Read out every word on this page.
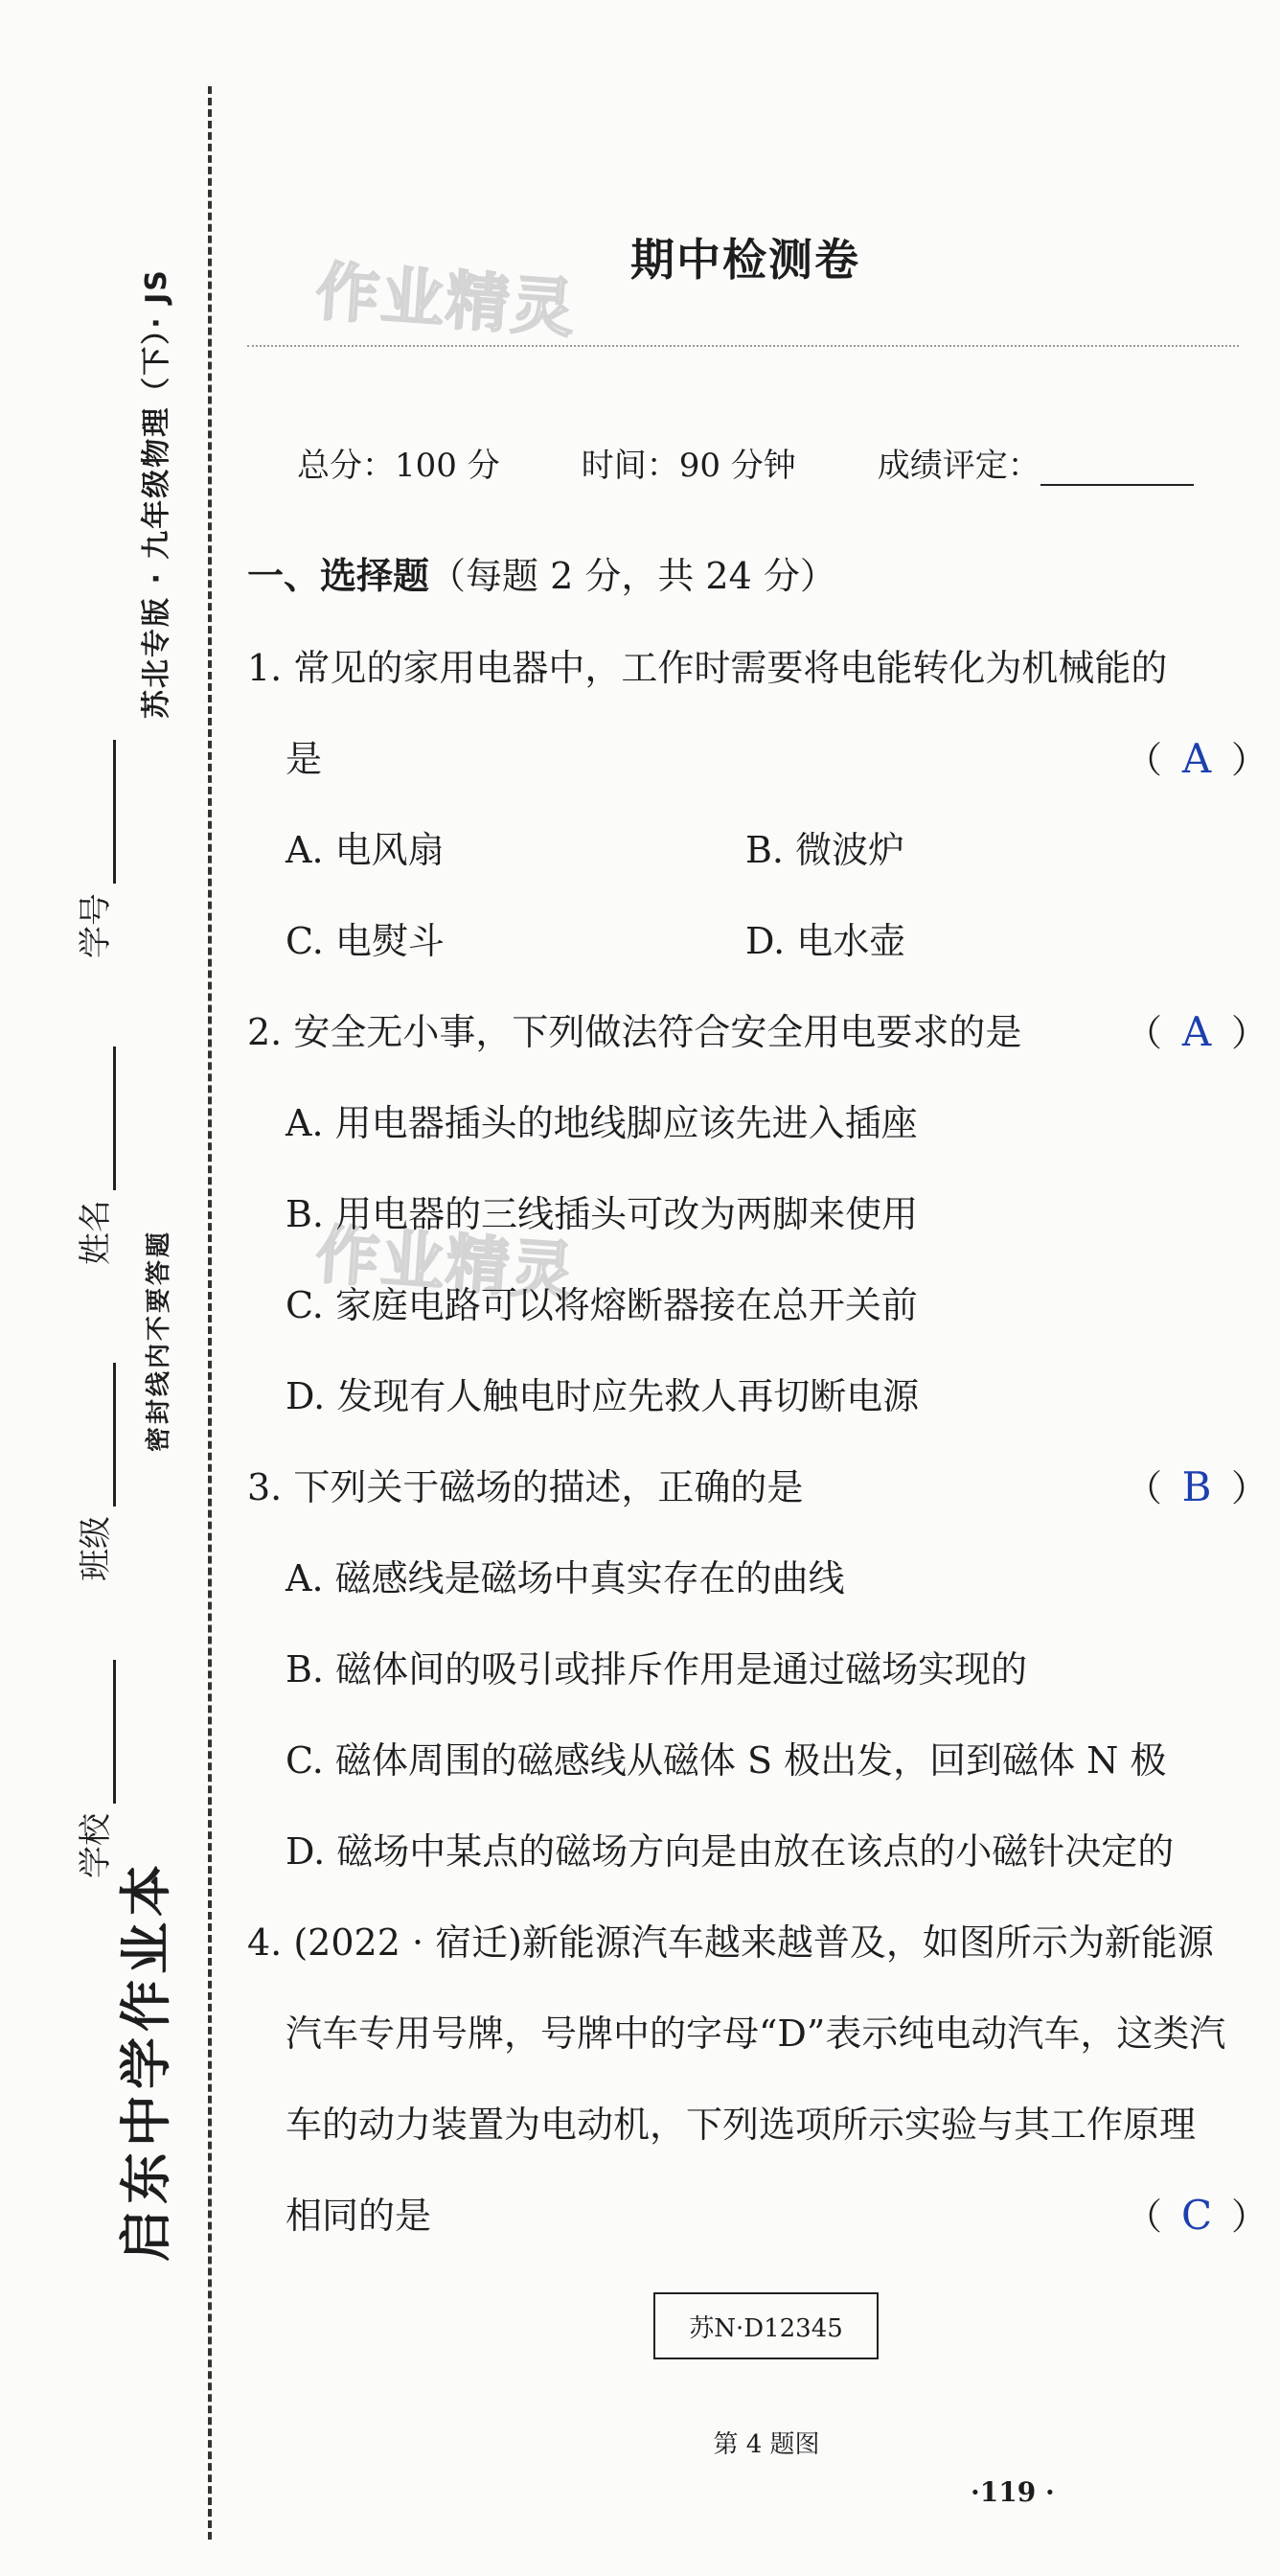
启东中学作业本
苏北专版 · 九年级物理（下）· JS
密封线内不要答题
学校
班级
姓名
学号
作业精灵
作业精灵
期中检测卷
总分：100 分	时间：90 分钟	成绩评定：
一、选择题（每题 2 分，共 24 分）
1. 常见的家用电器中，工作时需要将电能转化为机械能的
是	（ A ）
A. 电风扇	B. 微波炉
C. 电熨斗	D. 电水壶
2. 安全无小事，下列做法符合安全用电要求的是	（ A ）
A. 用电器插头的地线脚应该先进入插座
B. 用电器的三线插头可改为两脚来使用
C. 家庭电路可以将熔断器接在总开关前
D. 发现有人触电时应先救人再切断电源
3. 下列关于磁场的描述，正确的是	（ B ）
A. 磁感线是磁场中真实存在的曲线
B. 磁体间的吸引或排斥作用是通过磁场实现的
C. 磁体周围的磁感线从磁体 S 极出发，回到磁体 N 极
D. 磁场中某点的磁场方向是由放在该点的小磁针决定的
4. (2022 · 宿迁)新能源汽车越来越普及，如图所示为新能源
汽车专用号牌，号牌中的字母“D”表示纯电动汽车，这类汽
车的动力装置为电动机，下列选项所示实验与其工作原理
相同的是	（ C ）
苏N·D12345
第 4 题图
·119 ·
